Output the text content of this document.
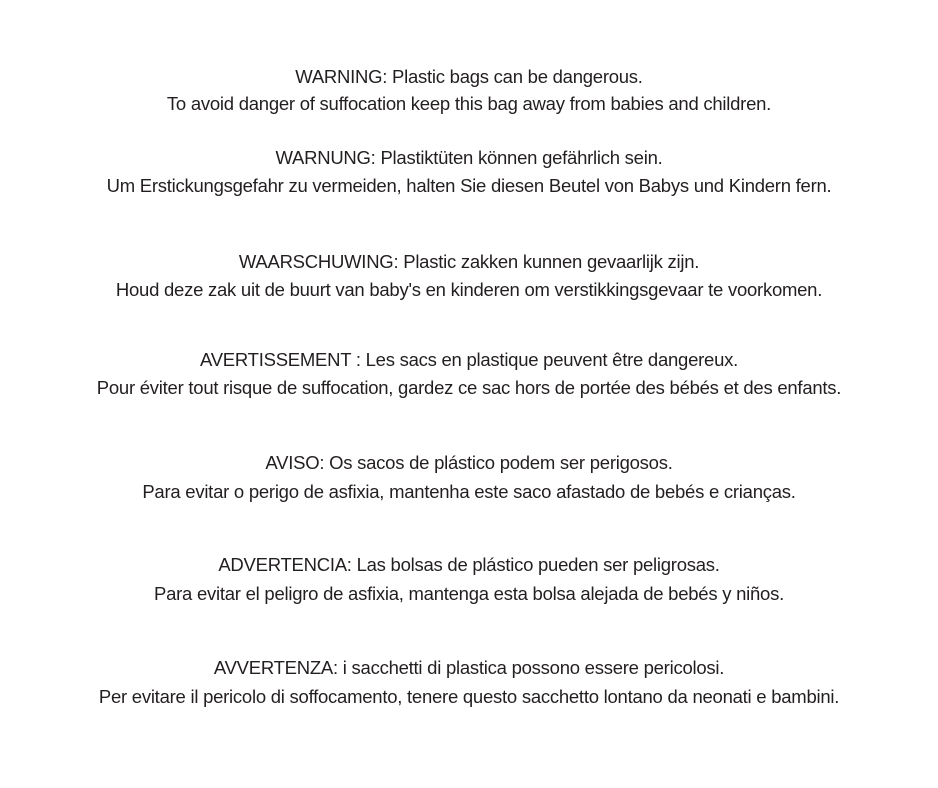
WARNING: Plastic bags can be dangerous.
To avoid danger of suffocation keep this bag away from babies and children.
WARNUNG: Plastiktüten können gefährlich sein.
Um Erstickungsgefahr zu vermeiden, halten Sie diesen Beutel von Babys und Kindern fern.
WAARSCHUWING: Plastic zakken kunnen gevaarlijk zijn.
Houd deze zak uit de buurt van baby's en kinderen om verstikkingsgevaar te voorkomen.
AVERTISSEMENT : Les sacs en plastique peuvent être dangereux.
Pour éviter tout risque de suffocation, gardez ce sac hors de portée des bébés et des enfants.
AVISO: Os sacos de plástico podem ser perigosos.
Para evitar o perigo de asfixia, mantenha este saco afastado de bebés e crianças.
ADVERTENCIA: Las bolsas de plástico pueden ser peligrosas.
Para evitar el peligro de asfixia, mantenga esta bolsa alejada de bebés y niños.
AVVERTENZA: i sacchetti di plastica possono essere pericolosi.
Per evitare il pericolo di soffocamento, tenere questo sacchetto lontano da neonati e bambini.
